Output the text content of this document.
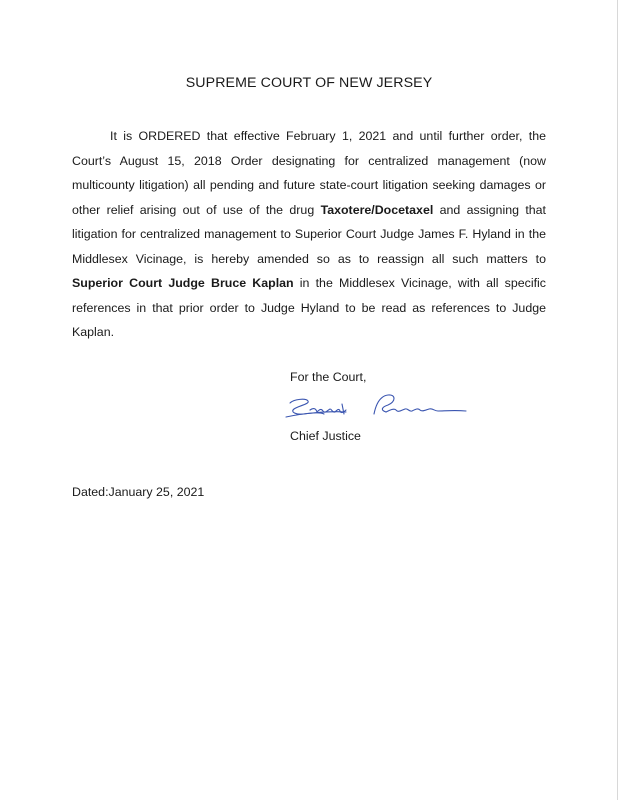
SUPREME COURT OF NEW JERSEY

It is ORDERED that effective February 1, 2021 and until further order, the Court’s August 15, 2018 Order designating for centralized management (now multicounty litigation) all pending and future state-court litigation seeking damages or other relief arising out of use of the drug Taxotere/Docetaxel and assigning that litigation for centralized management to Superior Court Judge James F. Hyland in the Middlesex Vicinage, is hereby amended so as to reassign all such matters to Superior Court Judge Bruce Kaplan in the Middlesex Vicinage, with all specific references in that prior order to Judge Hyland to be read as references to Judge Kaplan.

For the Court,
Chief Justice
Dated:January 25, 2021
